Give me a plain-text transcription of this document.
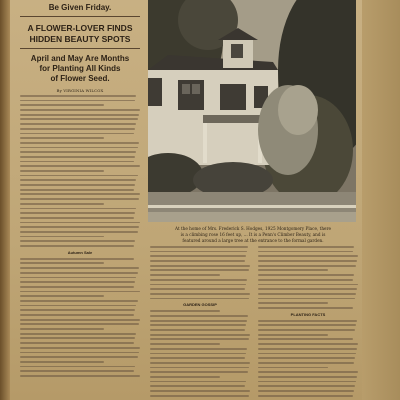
Be Given Friday.
A FLOWER-LOVER FINDS
HIDDEN BEAUTY SPOTS
April and May Are Months
for Planting All Kinds
of Flower Seed.
By VIRGINIA WILCOX
Autumn Sale
At the home of Mrs. Frederick S. Hodges, 1925 Montgomery Place, there
is a climbing rose 16 feet up, ... It is a Penn's Climber Beauty, and is
featured around a large tree at the entrance to the formal garden.
GARDEN GOSSIP
PLANTING FACTS
